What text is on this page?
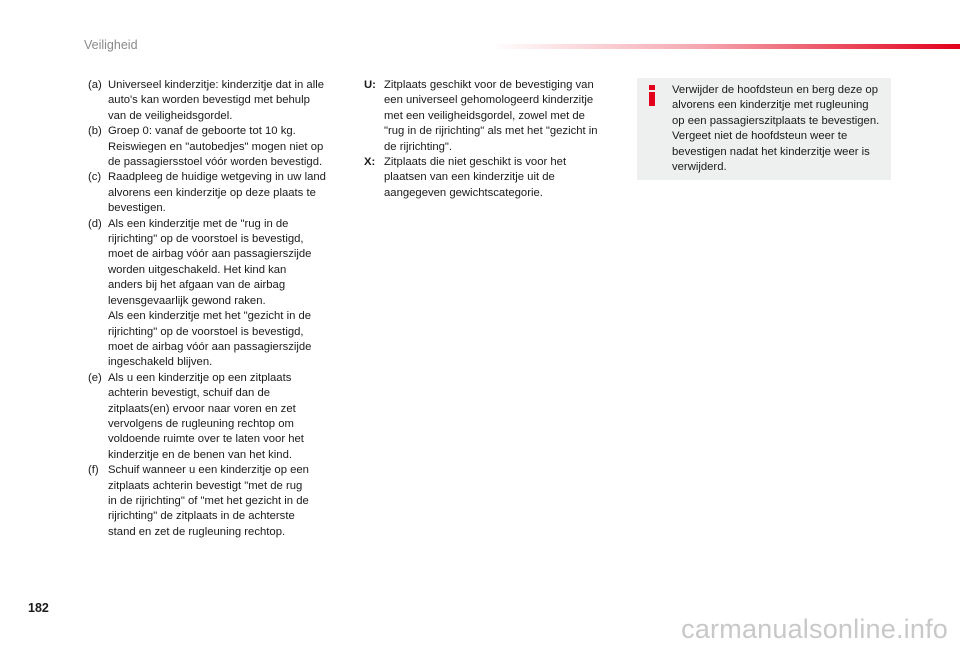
Veiligheid
(a) Universeel kinderzitje: kinderzitje dat in alle
auto's kan worden bevestigd met behulp
van de veiligheidsgordel.
(b) Groep 0: vanaf de geboorte tot 10 kg.
Reiswiegen en "autobedjes" mogen niet op
de passagiersstoel vóór worden bevestigd.
(c) Raadpleeg de huidige wetgeving in uw land
alvorens een kinderzitje op deze plaats te
bevestigen.
(d) Als een kinderzitje met de "rug in de
rijrichting" op de voorstoel is bevestigd,
moet de airbag vóór aan passagierszijde
worden uitgeschakeld. Het kind kan
anders bij het afgaan van de airbag
levensgevaarlijk gewond raken.
Als een kinderzitje met het "gezicht in de
rijrichting" op de voorstoel is bevestigd,
moet de airbag vóór aan passagierszijde
ingeschakeld blijven.
(e) Als u een kinderzitje op een zitplaats
achterin bevestigt, schuif dan de
zitplaats(en) ervoor naar voren en zet
vervolgens de rugleuning rechtop om
voldoende ruimte over te laten voor het
kinderzitje en de benen van het kind.
(f) Schuif wanneer u een kinderzitje op een
zitplaats achterin bevestigt "met de rug
in de rijrichting" of "met het gezicht in de
rijrichting" de zitplaats in de achterste
stand en zet de rugleuning rechtop.
U: Zitplaats geschikt voor de bevestiging van
een universeel gehomologeerd kinderzitje
met een veiligheidsgordel, zowel met de
"rug in de rijrichting" als met het "gezicht in
de rijrichting".
X: Zitplaats die niet geschikt is voor het
plaatsen van een kinderzitje uit de
aangegeven gewichtscategorie.
Verwijder de hoofdsteun en berg deze op
alvorens een kinderzitje met rugleuning
op een passagierszitplaats te bevestigen.
Vergeet niet de hoofdsteun weer te
bevestigen nadat het kinderzitje weer is
verwijderd.
182
carmanualsonline.info
